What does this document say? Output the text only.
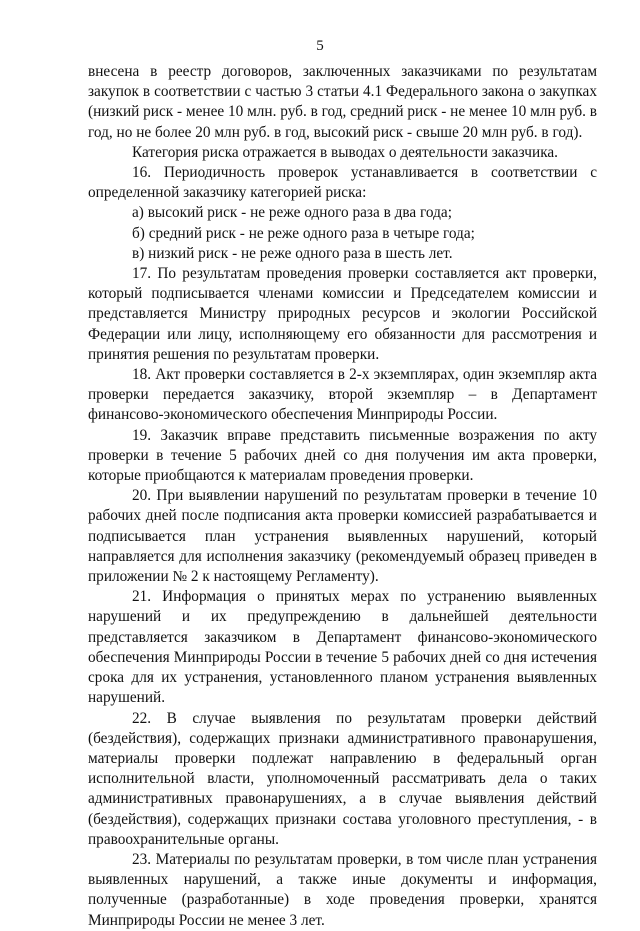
5

внесена в реестр договоров, заключенных заказчиками по результатам закупок в соответствии с частью 3 статьи 4.1 Федерального закона о закупках (низкий риск - менее 10 млн. руб. в год, средний риск - не менее 10 млн руб. в год, но не более 20 млн руб. в год, высокий риск - свыше 20 млн руб. в год).

Категория риска отражается в выводах о деятельности заказчика.

16. Периодичность проверок устанавливается в соответствии с определенной заказчику категорией риска:

а) высокий риск - не реже одного раза в два года;

б) средний риск - не реже одного раза в четыре года;

в) низкий риск - не реже одного раза в шесть лет.

17. По результатам проведения проверки составляется акт проверки, который подписывается членами комиссии и Председателем комиссии и представляется Министру природных ресурсов и экологии Российской Федерации или лицу, исполняющему его обязанности для рассмотрения и принятия решения по результатам проверки.

18. Акт проверки составляется в 2-х экземплярах, один экземпляр акта проверки передается заказчику, второй экземпляр – в Департамент финансово-экономического обеспечения Минприроды России.

19. Заказчик вправе представить письменные возражения по акту проверки в течение 5 рабочих дней со дня получения им акта проверки, которые приобщаются к материалам проведения проверки.

20. При выявлении нарушений по результатам проверки в течение 10 рабочих дней после подписания акта проверки комиссией разрабатывается и подписывается план устранения выявленных нарушений, который направляется для исполнения заказчику (рекомендуемый образец приведен в приложении № 2 к настоящему Регламенту).

21. Информация о принятых мерах по устранению выявленных нарушений и их предупреждению в дальнейшей деятельности представляется заказчиком в Департамент финансово-экономического обеспечения Минприроды России в течение 5 рабочих дней со дня истечения срока для их устранения, установленного планом устранения выявленных нарушений.

22. В случае выявления по результатам проверки действий (бездействия), содержащих признаки административного правонарушения, материалы проверки подлежат направлению в федеральный орган исполнительной власти, уполномоченный рассматривать дела о таких административных правонарушениях, а в случае выявления действий (бездействия), содержащих признаки состава уголовного преступления, - в правоохранительные органы.

23. Материалы по результатам проверки, в том числе план устранения выявленных нарушений, а также иные документы и информация, полученные (разработанные) в ходе проведения проверки, хранятся Минприроды России не менее 3 лет.
